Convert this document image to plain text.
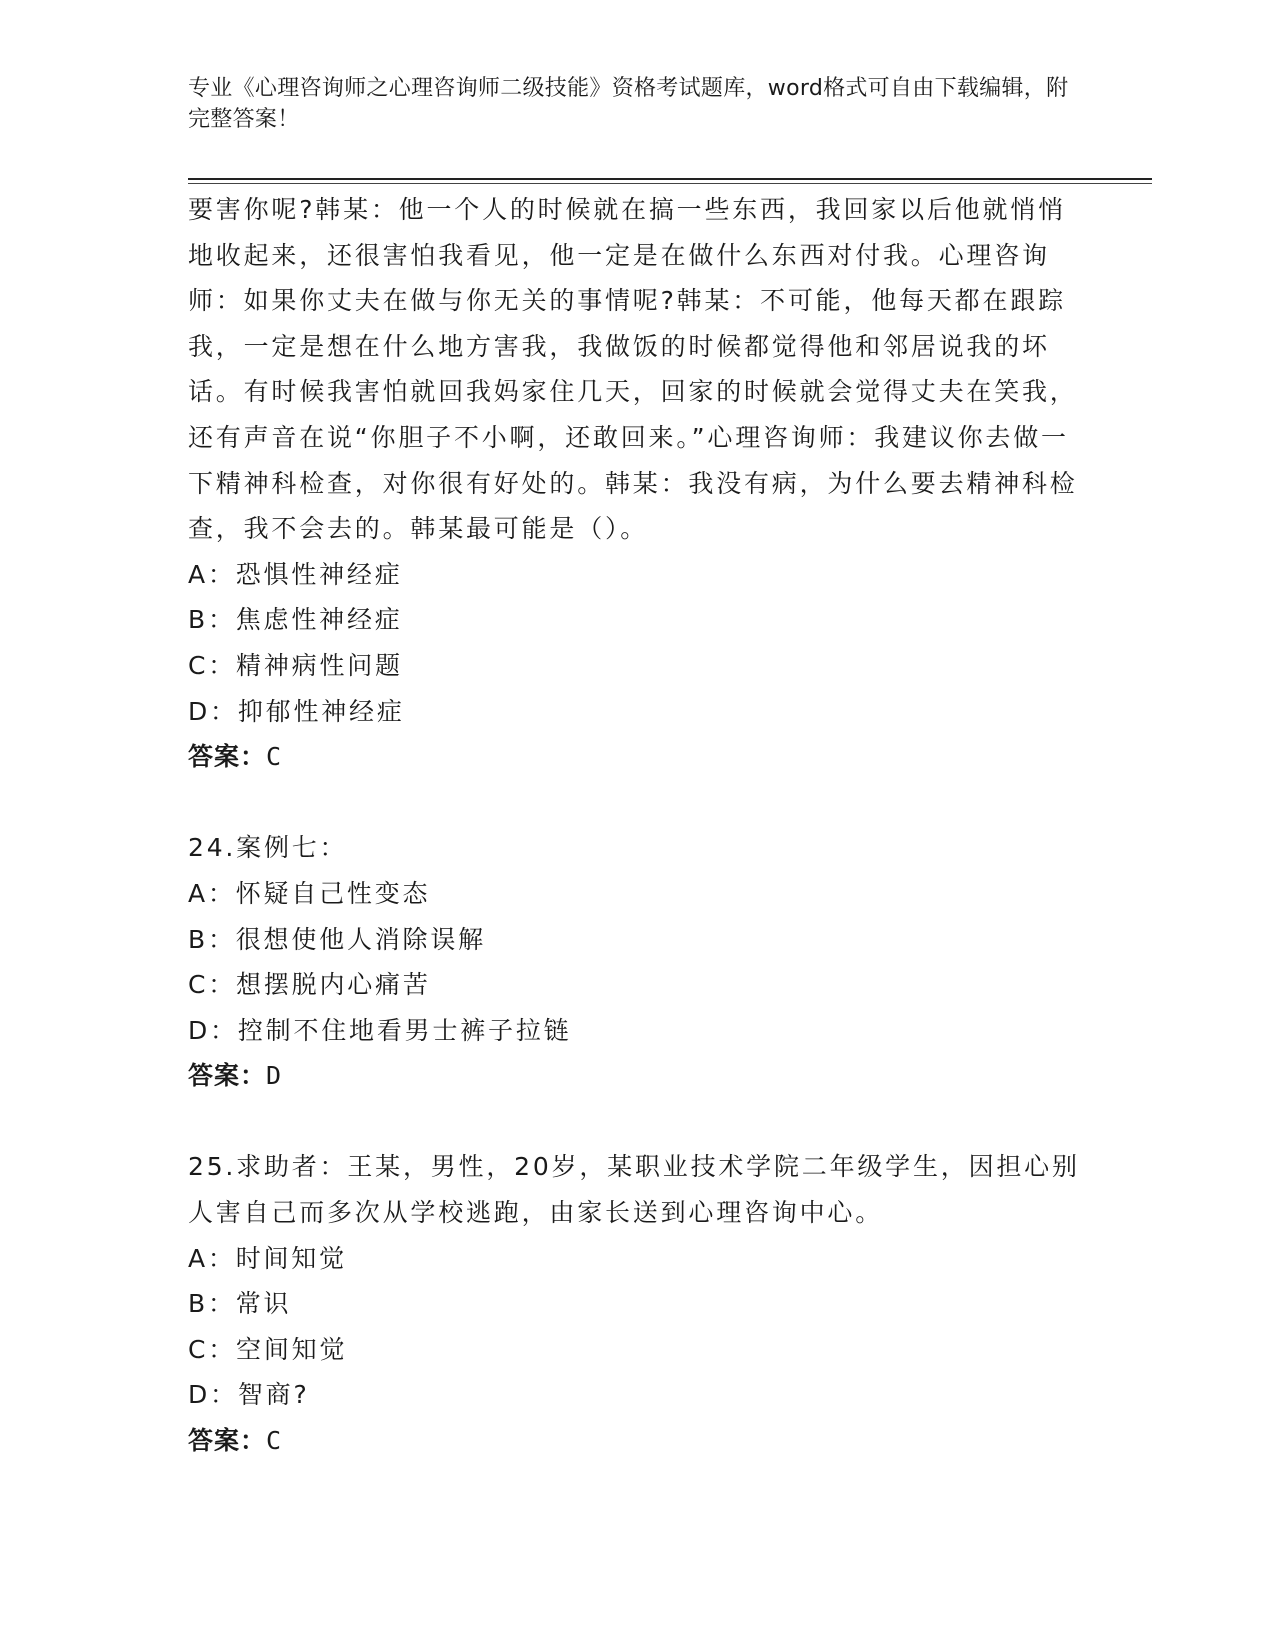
专业《心理咨询师之心理咨询师二级技能》资格考试题库，word格式可自由下载编辑，附完整答案！

要害你呢?韩某：他一个人的时候就在搞一些东西，我回家以后他就悄悄地收起来，还很害怕我看见，他一定是在做什么东西对付我。心理咨询师：如果你丈夫在做与你无关的事情呢?韩某：不可能，他每天都在跟踪我，一定是想在什么地方害我，我做饭的时候都觉得他和邻居说我的坏话。有时候我害怕就回我妈家住几天，回家的时候就会觉得丈夫在笑我，还有声音在说“你胆子不小啊，还敢回来。”心理咨询师：我建议你去做一下精神科检查，对你很有好处的。韩某：我没有病，为什么要去精神科检查，我不会去的。韩某最可能是（）。

A：恐惧性神经症

B：焦虑性神经症

C：精神病性问题

D：抑郁性神经症

答案：C

24.案例七：

A：怀疑自己性变态

B：很想使他人消除误解

C：想摆脱内心痛苦

D：控制不住地看男士裤子拉链

答案：D

25.求助者：王某，男性，20岁，某职业技术学院二年级学生，因担心别人害自己而多次从学校逃跑，由家长送到心理咨询中心。

A：时间知觉

B：常识

C：空间知觉

D：智商?

答案：C
